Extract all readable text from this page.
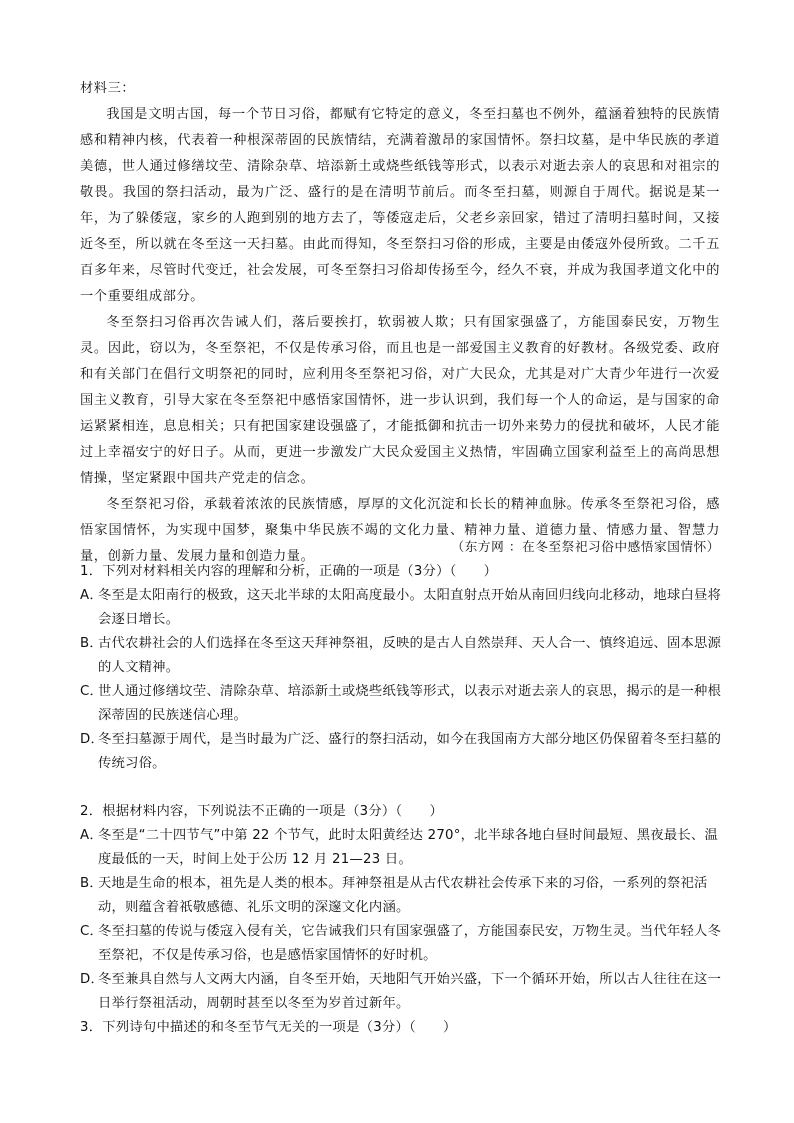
材料三：

我国是文明古国，每一个节日习俗，都赋有它特定的意义，冬至扫墓也不例外，蕴涵着独特的民族情感和精神内核，代表着一种根深蒂固的民族情结，充满着激昂的家国情怀。祭扫坟墓，是中华民族的孝道美德，世人通过修缮坟茔、清除杂草、培添新土或烧些纸钱等形式，以表示对逝去亲人的哀思和对祖宗的敬畏。我国的祭扫活动，最为广泛、盛行的是在清明节前后。而冬至扫墓，则源自于周代。据说是某一年，为了躲倭寇，家乡的人跑到别的地方去了，等倭寇走后，父老乡亲回家，错过了清明扫墓时间，又接近冬至，所以就在冬至这一天扫墓。由此而得知，冬至祭扫习俗的形成，主要是由倭寇外侵所致。二千五百多年来，尽管时代变迁，社会发展，可冬至祭扫习俗却传扬至今，经久不衰，并成为我国孝道文化中的一个重要组成部分。

冬至祭扫习俗再次告诫人们，落后要挨打，软弱被人欺；只有国家强盛了，方能国泰民安，万物生灵。因此，窃以为，冬至祭祀，不仅是传承习俗，而且也是一部爱国主义教育的好教材。各级党委、政府和有关部门在倡行文明祭祀的同时，应利用冬至祭祀习俗，对广大民众，尤其是对广大青少年进行一次爱国主义教育，引导大家在冬至祭祀中感悟家国情怀，进一步认识到，我们每一个人的命运，是与国家的命运紧紧相连，息息相关；只有把国家建设强盛了，才能抵御和抗击一切外来势力的侵扰和破坏，人民才能过上幸福安宁的好日子。从而，更进一步激发广大民众爱国主义热情，牢固确立国家利益至上的高尚思想情操，坚定紧跟中国共产党走的信念。

冬至祭祀习俗，承载着浓浓的民族情感，厚厚的文化沉淀和长长的精神血脉。传承冬至祭祀习俗，感悟家国情怀，为实现中国梦，聚集中华民族不竭的文化力量、精神力量、道德力量、情感力量、智慧力量，创新力量、发展力量和创造力量。

（东方网 ：在冬至祭祀习俗中感悟家国情怀）
1．下列对材料相关内容的理解和分析，正确的一项是（3分）（　　）
A．
冬至是太阳南行的极致，这天北半球的太阳高度最小。太阳直射点开始从南回归线向北移动，地球白昼将会逐日增长。
B．
古代农耕社会的人们选择在冬至这天拜神祭祖，反映的是古人自然崇拜、天人合一、慎终追远、固本思源的人文精神。
C．
世人通过修缮坟茔、清除杂草、培添新土或烧些纸钱等形式，以表示对逝去亲人的哀思，揭示的是一种根深蒂固的民族迷信心理。
D．
冬至扫墓源于周代，是当时最为广泛、盛行的祭扫活动，如今在我国南方大部分地区仍保留着冬至扫墓的传统习俗。
2．根据材料内容，下列说法不正确的一项是（3分）（　　）
A．
冬至是“二十四节气”中第 22 个节气，此时太阳黄经达 270°，北半球各地白昼时间最短、黑夜最长、温度最低的一天，时间上处于公历 12 月 21—23 日。
B．
天地是生命的根本，祖先是人类的根本。拜神祭祖是从古代农耕社会传承下来的习俗，一系列的祭祀活动，则蕴含着祇敬感德、礼乐文明的深邃文化内涵。
C．
冬至扫墓的传说与倭寇入侵有关，它告诫我们只有国家强盛了，方能国泰民安，万物生灵。当代年轻人冬至祭祀，不仅是传承习俗，也是感悟家国情怀的好时机。
D．
冬至兼具自然与人文两大内涵，自冬至开始，天地阳气开始兴盛，下一个循环开始，所以古人往往在这一日举行祭祖活动，周朝时甚至以冬至为岁首过新年。
3．下列诗句中描述的和冬至节气无关的一项是（3分）（　　）
